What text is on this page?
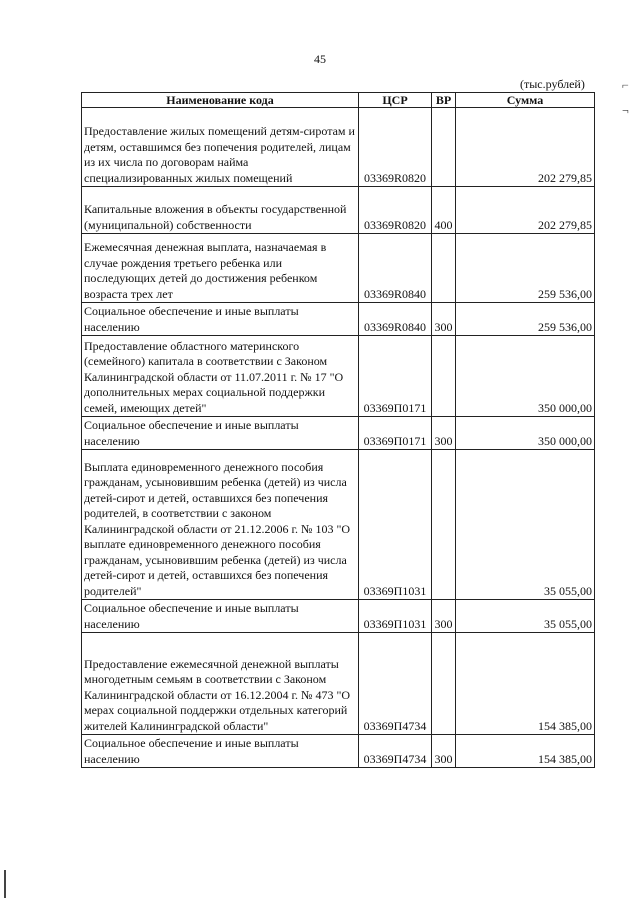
45
(тыс.рублей)
Наименование кода	ЦСР	ВР	Сумма
Предоставление жилых помещений детям-сиротам и детям, оставшимся без попечения родителей, лицам из их числа по договорам найма специализированных жилых помещений	03369R0820		202 279,85
Капитальные вложения в объекты государственной (муниципальной) собственности	03369R0820	400	202 279,85
Ежемесячная денежная выплата, назначаемая в случае рождения третьего ребенка или последующих детей до достижения ребенком возраста трех лет	03369R0840		259 536,00
Социальное обеспечение и иные выплаты населению	03369R0840	300	259 536,00
Предоставление областного материнского (семейного) капитала в соответствии с Законом Калининградской области от 11.07.2011 г. № 17 "О дополнительных мерах социальной поддержки семей, имеющих детей"	03369П0171		350 000,00
Социальное обеспечение и иные выплаты населению	03369П0171	300	350 000,00
Выплата единовременного денежного пособия гражданам, усыновившим ребенка (детей) из числа детей-сирот и детей, оставшихся без попечения родителей, в соответствии с законом Калининградской области от 21.12.2006 г. № 103 "О выплате единовременного денежного пособия гражданам, усыновившим ребенка (детей) из числа детей-сирот и детей, оставшихся без попечения родителей"	03369П1031		35 055,00
Социальное обеспечение и иные выплаты населению	03369П1031	300	35 055,00
Предоставление ежемесячной денежной выплаты многодетным семьям в соответствии с Законом Калининградской области от 16.12.2004 г. № 473 "О мерах социальной поддержки отдельных категорий жителей Калининградской области"	03369П4734		154 385,00
Социальное обеспечение и иные выплаты населению	03369П4734	300	154 385,00
⌐
¬
